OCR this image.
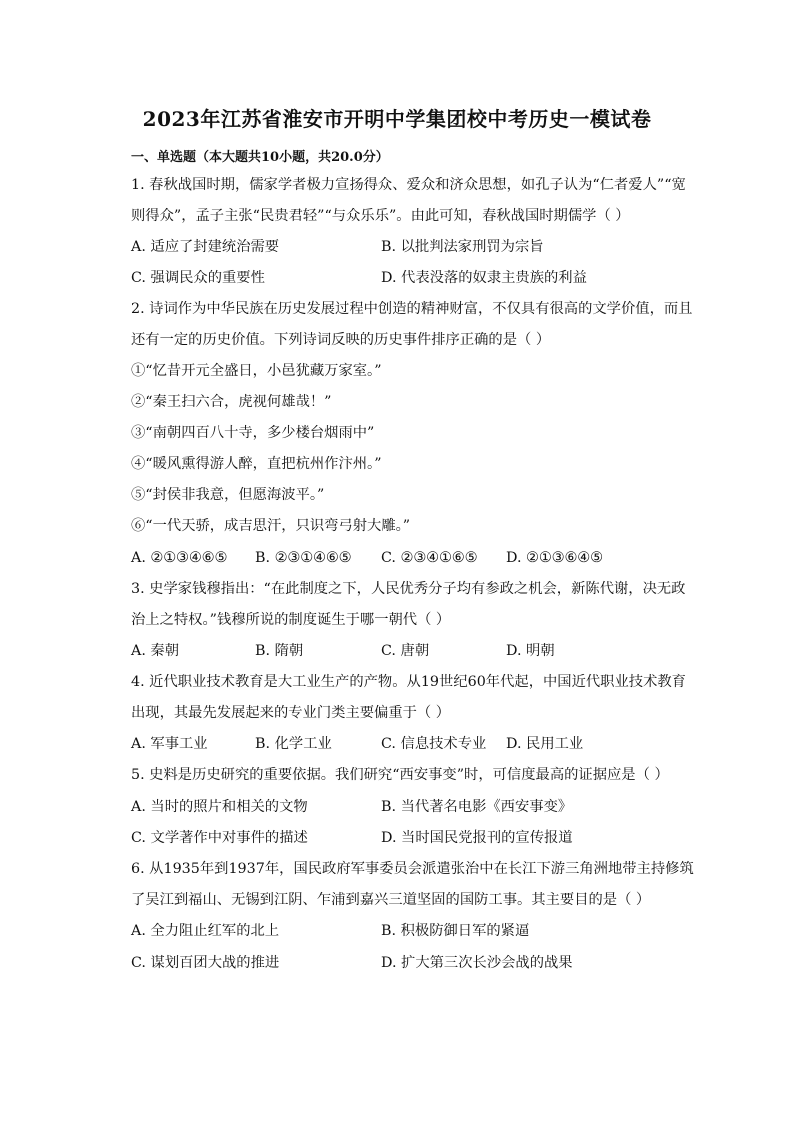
2023年江苏省淮安市开明中学集团校中考历史一模试卷
一、单选题（本大题共10小题，共20.0分）
1. 春秋战国时期，儒家学者极力宣扬得众、爱众和济众思想，如孔子认为“仁者爱人”“宽
则得众”，孟子主张“民贵君轻”“与众乐乐”。由此可知，春秋战国时期儒学（ ）
A. 适应了封建统治需要	B. 以批判法家刑罚为宗旨
C. 强调民众的重要性	D. 代表没落的奴隶主贵族的利益
2. 诗词作为中华民族在历史发展过程中创造的精神财富，不仅具有很高的文学价值，而且
还有一定的历史价值。下列诗词反映的历史事件排序正确的是（ ）
①“忆昔开元全盛日，小邑犹藏万家室。”
②“秦王扫六合，虎视何雄哉！”
③“南朝四百八十寺，多少楼台烟雨中”
④“暖风熏得游人醉，直把杭州作汴州。”
⑤“封侯非我意，但愿海波平。”
⑥“一代天骄，成吉思汗，只识弯弓射大雕。”
A. ②①③④⑥⑤ B. ②③①④⑥⑤ C. ②③④①⑥⑤ D. ②①③⑥④⑤
3. 史学家钱穆指出：“在此制度之下，人民优秀分子均有参政之机会，新陈代谢，决无政
治上之特权。”钱穆所说的制度诞生于哪一朝代（ ）
A. 秦朝	B. 隋朝	C. 唐朝	D. 明朝
4. 近代职业技术教育是大工业生产的产物。从19世纪60年代起，中国近代职业技术教育
出现，其最先发展起来的专业门类主要偏重于（ ）
A. 军事工业	B. 化学工业	C. 信息技术专业 D. 民用工业
5. 史料是历史研究的重要依据。我们研究“西安事变”时，可信度最高的证据应是（ ）
A. 当时的照片和相关的文物	B. 当代著名电影《西安事变》
C. 文学著作中对事件的描述	D. 当时国民党报刊的宣传报道
6. 从1935年到1937年，国民政府军事委员会派遣张治中在长江下游三角洲地带主持修筑
了吴江到福山、无锡到江阴、乍浦到嘉兴三道坚固的国防工事。其主要目的是（ ）
A. 全力阻止红军的北上	B. 积极防御日军的紧逼
C. 谋划百团大战的推进	D. 扩大第三次长沙会战的战果
